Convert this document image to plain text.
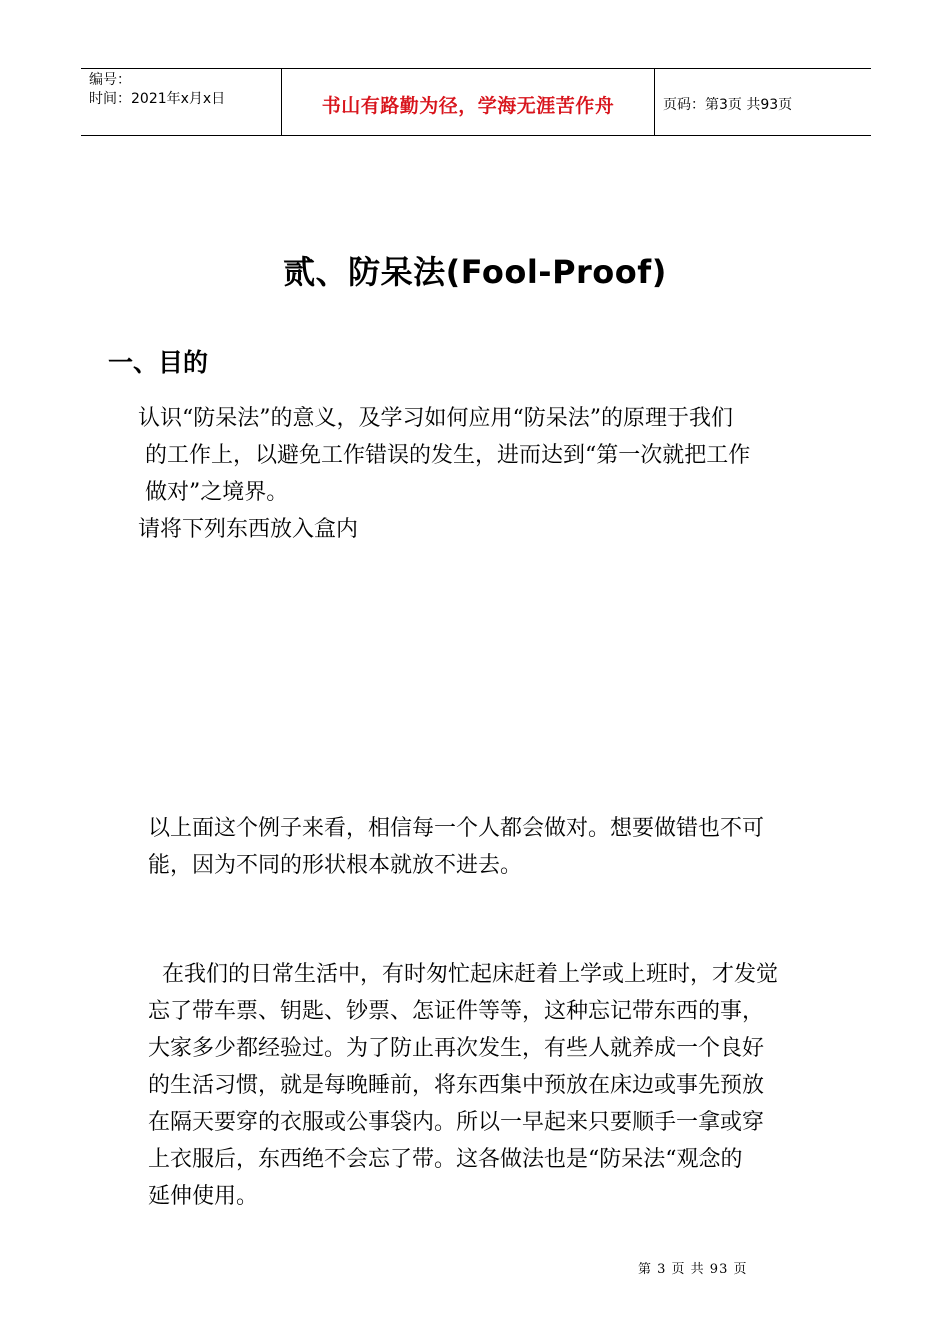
编号：
时间：2021年x月x日	书山有路勤为径，学海无涯苦作舟	页码：第3页 共93页
贰、防呆法(Fool-Proof)
一、目的

认识“防呆法”的意义，及学习如何应用“防呆法”的原理于我们
的工作上，以避免工作错误的发生，进而达到“第一次就把工作
做对”之境界。
请将下列东西放入盒内

以上面这个例子来看，相信每一个人都会做对。想要做错也不可
能，因为不同的形状根本就放不进去。

在我们的日常生活中，有时匆忙起床赶着上学或上班时，才发觉
忘了带车票、钥匙、钞票、怎证件等等，这种忘记带东西的事，
大家多少都经验过。为了防止再次发生，有些人就养成一个良好
的生活习惯，就是每晚睡前，将东西集中预放在床边或事先预放
在隔天要穿的衣服或公事袋内。所以一早起来只要顺手一拿或穿
上衣服后，东西绝不会忘了带。这各做法也是“防呆法“观念的
延伸使用。

第 3 页 共 93 页
